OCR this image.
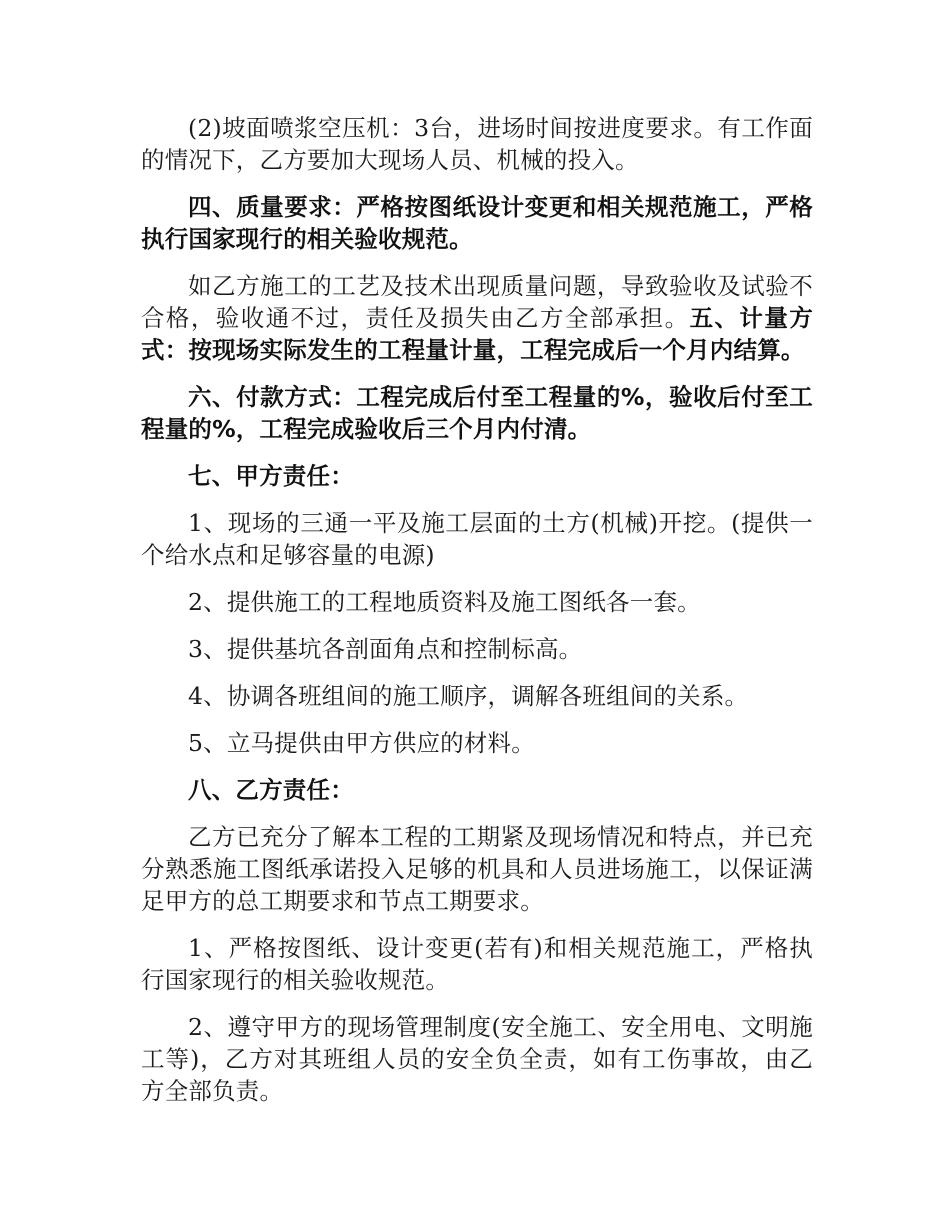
(2)坡面喷浆空压机：3台，进场时间按进度要求。有工作面的情况下，乙方要加大现场人员、机械的投入。

四、质量要求：严格按图纸设计变更和相关规范施工，严格执行国家现行的相关验收规范。

如乙方施工的工艺及技术出现质量问题，导致验收及试验不合格，验收通不过，责任及损失由乙方全部承担。五、计量方式：按现场实际发生的工程量计量，工程完成后一个月内结算。

六、付款方式：工程完成后付至工程量的%，验收后付至工程量的%，工程完成验收后三个月内付清。

七、甲方责任：

1、现场的三通一平及施工层面的土方(机械)开挖。(提供一个给水点和足够容量的电源)

2、提供施工的工程地质资料及施工图纸各一套。

3、提供基坑各剖面角点和控制标高。

4、协调各班组间的施工顺序，调解各班组间的关系。

5、立马提供由甲方供应的材料。

八、乙方责任：

乙方已充分了解本工程的工期紧及现场情况和特点，并已充分熟悉施工图纸承诺投入足够的机具和人员进场施工，以保证满足甲方的总工期要求和节点工期要求。

1、严格按图纸、设计变更(若有)和相关规范施工，严格执行国家现行的相关验收规范。

2、遵守甲方的现场管理制度(安全施工、安全用电、文明施工等)，乙方对其班组人员的安全负全责，如有工伤事故，由乙方全部负责。
